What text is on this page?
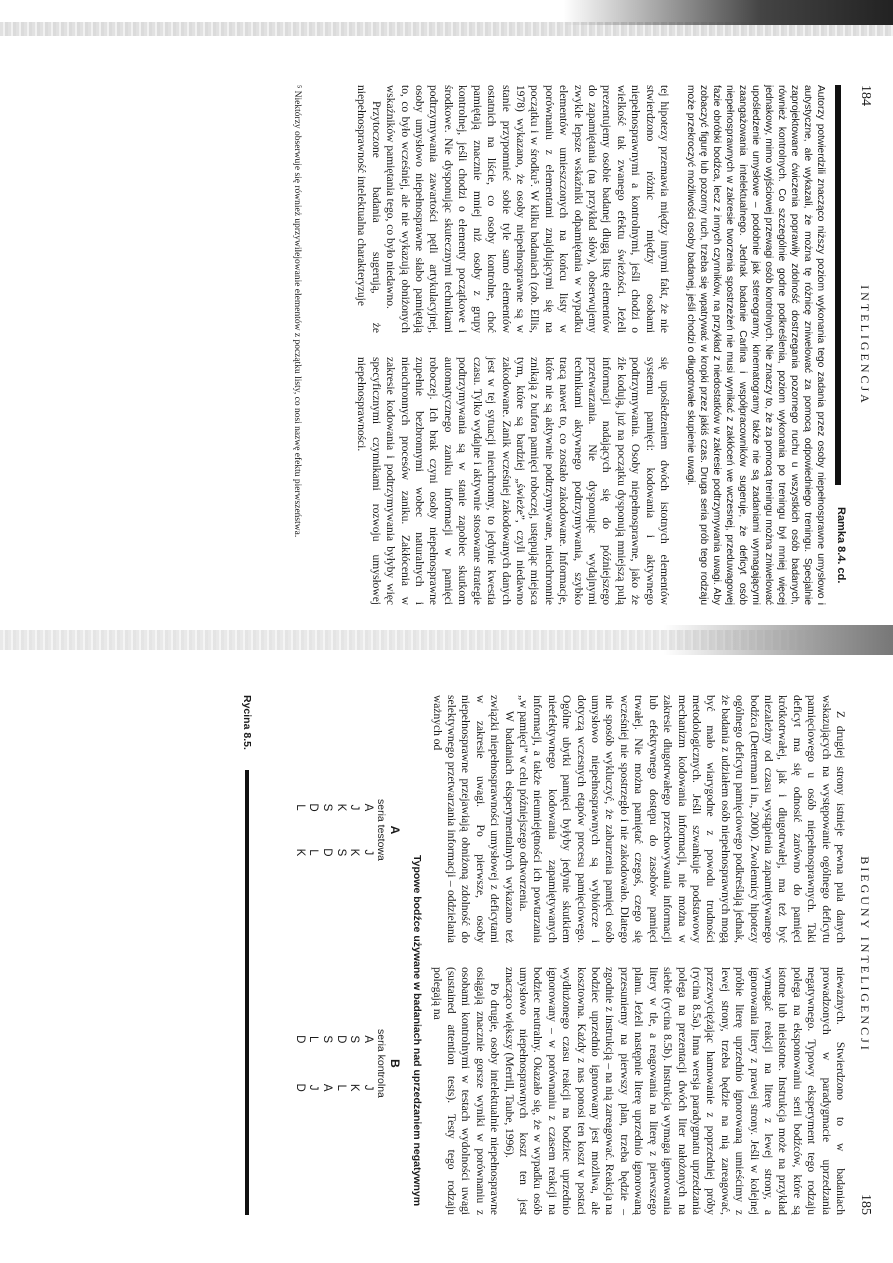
184
INTELIGENCJA
Ramka 8.4. cd.
Autorzy potwierdzili znacząco niższy poziom wykonania tego zadania przez osoby niepełnosprawne umysłowo i autystyczne, ale wykazali, że można tę różnicę zniwelować za pomocą odpowiedniego treningu. Specjalnie zaprojektowane ćwiczenia poprawiły zdolność dostrzegania pozornego ruchu u wszystkich osób badanych, również kontrolnych. Co szczególnie godne podkreślenia, poziom wykonania po treningu był mniej więcej jednakowy, mimo wyjściowej przewagi osób kontrolnych. Nie znaczy to, że za pomocą treningu można zniwelować upośledzenie umysłowe – podobnie jak stereogramy, kinematogramy także nie są zadaniami wymagającymi zaangażowania intelektualnego. Jednak badanie Carlina i współpracowników sugeruje, że deficyt osób niepełnosprawnych w zakresie tworzenia spostrzeżeń nie musi wynikać z zakłóceń we wczesnej, przeduwagowej fazie obróbki bodźca, lecz z innych czynników, na przykład z niedostatków w zakresie podtrzymywania uwagi. Aby zobaczyć figurę lub pozorny ruch, trzeba się wpatrywać w kropki przez jakiś czas. Druga seria prób tego rodzaju może przekroczyć możliwości osoby badanej, jeśli chodzi o długotrwałe skupienie uwagi.

tej hipotezy przemawia między innymi fakt, że nie stwierdzono różnic między osobami niepełnosprawnymi a kontrolnymi, jeśli chodzi o wielkość tak zwanego efektu świeżości. Jeżeli prezentujemy osobie badanej długą listę elementów do zapamiętania (na przykład słów), obserwujemy zwykle lepsze wskaźniki odpamiętania w wypadku elementów umieszczonych na końcu listy w porównaniu z elementami znajdującymi się na początku i w środku⁵. W kilku badaniach (zob. Ellis, 1978) wykazano, że osoby niepełnosprawne są w stanie przypomnieć sobie tyle samo elementów ostatnich na liście, co osoby kontrolne, choć pamiętają znacznie mniej niż osoby z grupy kontrolnej, jeśli chodzi o elementy początkowe i środkowe. Nie dysponując skutecznymi technikami podtrzymywania zawartości pętli artykulacyjnej, osoby umysłowo niepełnosprawne słabo pamiętają to, co było wcześniej, ale nie wykazują obniżonych wskaźników pamiętania tego, co było niedawno.

Przytoczone badania sugerują, że niepełnosprawność intelektualna charakteryzuje

się upośledzeniem dwóch istotnych elementów systemu pamięci: kodowania i aktywnego podtrzymywania. Osoby niepełnosprawne, jako że źle kodują, już na początku dysponują mniejszą pulą informacji nadających się do późniejszego przetwarzania. Nie dysponując wydajnymi technikami aktywnego podtrzymywania, szybko tracą nawet to, co zostało zakodowane. Informacje, które nie są aktywnie podtrzymywane, nieuchronnie znikają z bufora pamięci roboczej, ustępując miejsca tym, które są bardziej „świeże”, czyli niedawno zakodowane. Zanik wcześniej zakodowanych danych jest w tej sytuacji nieuchronny, to jedynie kwestia czasu. Tylko wydajne i aktywnie stosowane strategie podtrzymywania są w stanie zapobiec skutkom automatycznego zaniku informacji w pamięci roboczej. Ich brak czyni osoby niepełnosprawne zupełnie bezbronnymi wobec naturalnych i nieuchronnych procesów zaniku. Zakłócenia w zakresie kodowania i podtrzymywania byłyby więc specyficznymi czynnikami rozwoju umysłowej niepełnosprawności.

⁵ Niektórzy obserwuje się również uprzywilejowanie elementów z początku listy, co nosi nazwę efektu pierwszeństwa.
BIEGUNY INTELIGENCJI
185

Z drugiej strony istnieje pewna pula danych wskazujących na występowanie ogólnego deficytu pamięciowego u osób niepełnosprawnych. Taki deficyt ma się odnosić zarówno do pamięci krótkotrwałej, jak i długotrwałej, ma też być niezależny od czasu wystąpienia zapamiętywanego bodźca (Detterman i in., 2000). Zwolennicy hipotezy ogólnego deficytu pamięciowego podkreślają jednak, że badania z udziałem osób niepełnosprawnych mogą być mało wiarygodne z powodu trudności metodologicznych. Jeśli szwankuje podstawowy mechanizm kodowania informacji, nie można w zakresie długotrwałego przechowywania informacji lub efektywnego dostępu do zasobów pamięci trwałej. Nie można pamiętać czegoś, czego się wcześniej nie spostrzegło i nie zakodowało. Dlatego nie sposób wykluczyć, że zaburzenia pamięci osób umysłowo niepełnosprawnych są wybiórcze i dotyczą wczesnych etapów procesu pamięciowego. Ogólne ubytki pamięci byłyby jedynie skutkiem nieefektywnego kodowania zapamiętywanych informacji, a także nieumiejętności ich powtarzania „w pamięci” w celu późniejszego odtworzenia.

W badaniach eksperymentalnych wykazano też związki niepełnosprawności umysłowej z deficytami w zakresie uwagi. Po pierwsze, osoby niepełnosprawne przejawiają obniżoną zdolność do selektywnego przetwarzania informacji – oddzielania ważnych od

nieważnych. Stwierdzono to w badaniach prowadzonych w paradygmacie uprzedzania negatywnego. Typowy eksperyment tego rodzaju polega na eksponowaniu serii bodźców, które są istotne lub nieistotne. Instrukcja może na przykład wymagać reakcji na literę z lewej strony, a ignorowania litery z prawej strony. Jeśli w kolejnej próbie literę uprzednio ignorowaną umieścimy z lewej strony, trzeba będzie na nią zareagować, przezwyciężając hamowanie z poprzedniej próby (rycina 8.5a). Inna wersja paradygmatu uprzedzania polega na prezentacji dwóch liter nałożonych na siebie (rycina 8.5b). Instrukcja wymaga ignorowania litery w tle, a reagowania na literę z pierwszego planu. Jeżeli następnie literę uprzednio ignorowaną przesuniemy na pierwszy plan, trzeba będzie – zgodnie z instrukcją – na nią zareagować. Reakcja na bodziec uprzednio ignorowany jest możliwa, ale kosztowna. Każdy z nas ponosi ten koszt w postaci wydłużonego czasu reakcji na bodziec uprzednio ignorowany – w porównaniu z czasem reakcji na bodziec neutralny. Okazało się, że w wypadku osób umysłowo niepełnosprawnych koszt ten jest znacząco większy (Merrill, Taube, 1996).

Po drugie, osoby intelektualnie niepełnosprawne osiągają znacznie gorsze wyniki w porównaniu z osobami kontrolnymi w testach wydolności uwagi (sustained attention tests). Testy tego rodzaju polegają na

Typowe bodźce używane w badaniach nad uprzedzaniem negatywnym
Rycina 8.5.
A	
seria testowa	
A	J
J	K
K	S
S	D
D	L
L	K
B	
seria kontrolna	
A	J
S	K
D	L
S	A
L	J
D	D
